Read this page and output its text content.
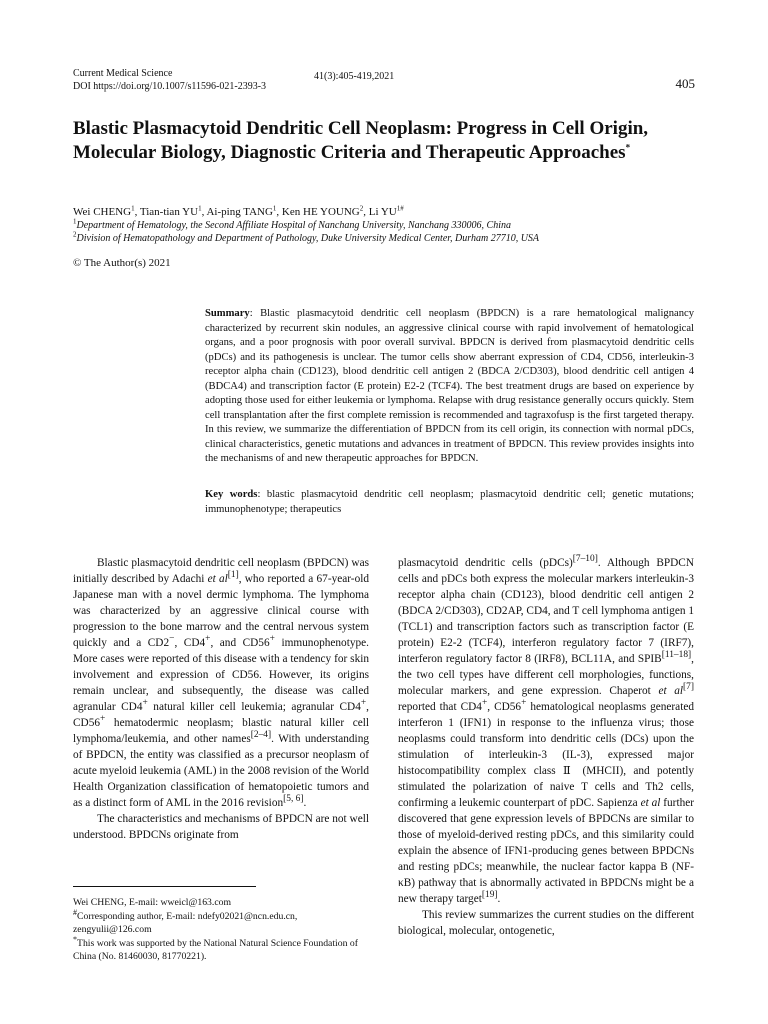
Current Medical Science
DOI https://doi.org/10.1007/s11596-021-2393-3
41(3):405-419,2021	405
Blastic Plasmacytoid Dendritic Cell Neoplasm: Progress in Cell Origin, Molecular Biology, Diagnostic Criteria and Therapeutic Approaches*
Wei CHENG$^1$, Tian-tian $YU^1$, Ai-ping TANG$^1$, Ken HE YOUNG$^2$, Li $YU^{1\#}$
$^1$Department of Hematology, the Second Affiliate Hospital of Nanchang University, Nanchang 330006, China
$^2$Division of Hematopathology and Department of Pathology, Duke University Medical Center, Durham 27710, USA
© The Author(s) 2021

Summary: Blastic plasmacytoid dendritic cell neoplasm (BPDCN) is a rare hematological malignancy characterized by recurrent skin nodules, an aggressive clinical course with rapid involvement of hematological organs, and a poor prognosis with poor overall survival. BPDCN is derived from plasmacytoid dendritic cells (pDCs) and its pathogenesis is unclear. The tumor cells show aberrant expression of CD4, CD56, interleukin-3 receptor alpha chain (CD123), blood dendritic cell antigen 2 (BDCA 2/CD303), blood dendritic cell antigen 4 (BDCA4) and transcription factor (E protein) E2-2 (TCF4). The best treatment drugs are based on experience by adopting those used for either leukemia or lymphoma. Relapse with drug resistance generally occurs quickly. Stem cell transplantation after the first complete remission is recommended and tagraxofusp is the first targeted therapy. In this review, we summarize the differentiation of BPDCN from its cell origin, its connection with normal pDCs, clinical characteristics, genetic mutations and advances in treatment of BPDCN. This review provides insights into the mechanisms of and new therapeutic approaches for BPDCN.

Key words: blastic plasmacytoid dendritic cell neoplasm; plasmacytoid dendritic cell; genetic mutations; immunophenotype; therapeutics

Blastic plasmacytoid dendritic cell neoplasm (BPDCN) was initially described by Adachi et al[1], who reported a 67-year-old Japanese man with a novel dermic lymphoma. The lymphoma was characterized by an aggressive clinical course with progression to the bone marrow and the central nervous system quickly and a CD2−, CD4+, and CD56+ immunophenotype. More cases were reported of this disease with a tendency for skin involvement and expression of CD56. However, its origins remain unclear, and subsequently, the disease was called agranular CD4+ natural killer cell leukemia; agranular CD4+, CD56+ hematodermic neoplasm; blastic natural killer cell lymphoma/leukemia, and other names[2–4]. With understanding of BPDCN, the entity was classified as a precursor neoplasm of acute myeloid leukemia (AML) in the 2008 revision of the World Health Organization classification of hematopoietic tumors and as a distinct form of AML in the 2016 revision[5, 6].

The characteristics and mechanisms of BPDCN are not well understood. BPDCNs originate from

plasmacytoid dendritic cells (pDCs)[7–10]. Although BPDCN cells and pDCs both express the molecular markers interleukin-3 receptor alpha chain (CD123), blood dendritic cell antigen 2 (BDCA 2/CD303), CD2AP, CD4, and T cell lymphoma antigen 1 (TCL1) and transcription factors such as transcription factor (E protein) E2-2 (TCF4), interferon regulatory factor 7 (IRF7), interferon regulatory factor 8 (IRF8), BCL11A, and SPIB[11–18], the two cell types have different cell morphologies, functions, molecular markers, and gene expression. Chaperot et al[7] reported that CD4+, CD56+ hematological neoplasms generated interferon 1 (IFN1) in response to the influenza virus; those neoplasms could transform into dendritic cells (DCs) upon the stimulation of interleukin-3 (IL-3), expressed major histocompatibility complex class Ⅱ (MHCII), and potently stimulated the polarization of naive T cells and Th2 cells, confirming a leukemic counterpart of pDC. Sapienza et al further discovered that gene expression levels of BPDCNs are similar to those of myeloid-derived resting pDCs, and this similarity could explain the absence of IFN1-producing genes between BPDCNs and resting pDCs; meanwhile, the nuclear factor kappa B (NF-κB) pathway that is abnormally activated in BPDCNs might be a new therapy target[19].

This review summarizes the current studies on the different biological, molecular, ontogenetic,

Wei CHENG, E-mail: wweicl@163.com

#Corresponding author, E-mail: ndefy02021@ncn.edu.cn, zengyulii@126.com

*This work was supported by the National Natural Science Foundation of China (No. 81460030, 81770221).
